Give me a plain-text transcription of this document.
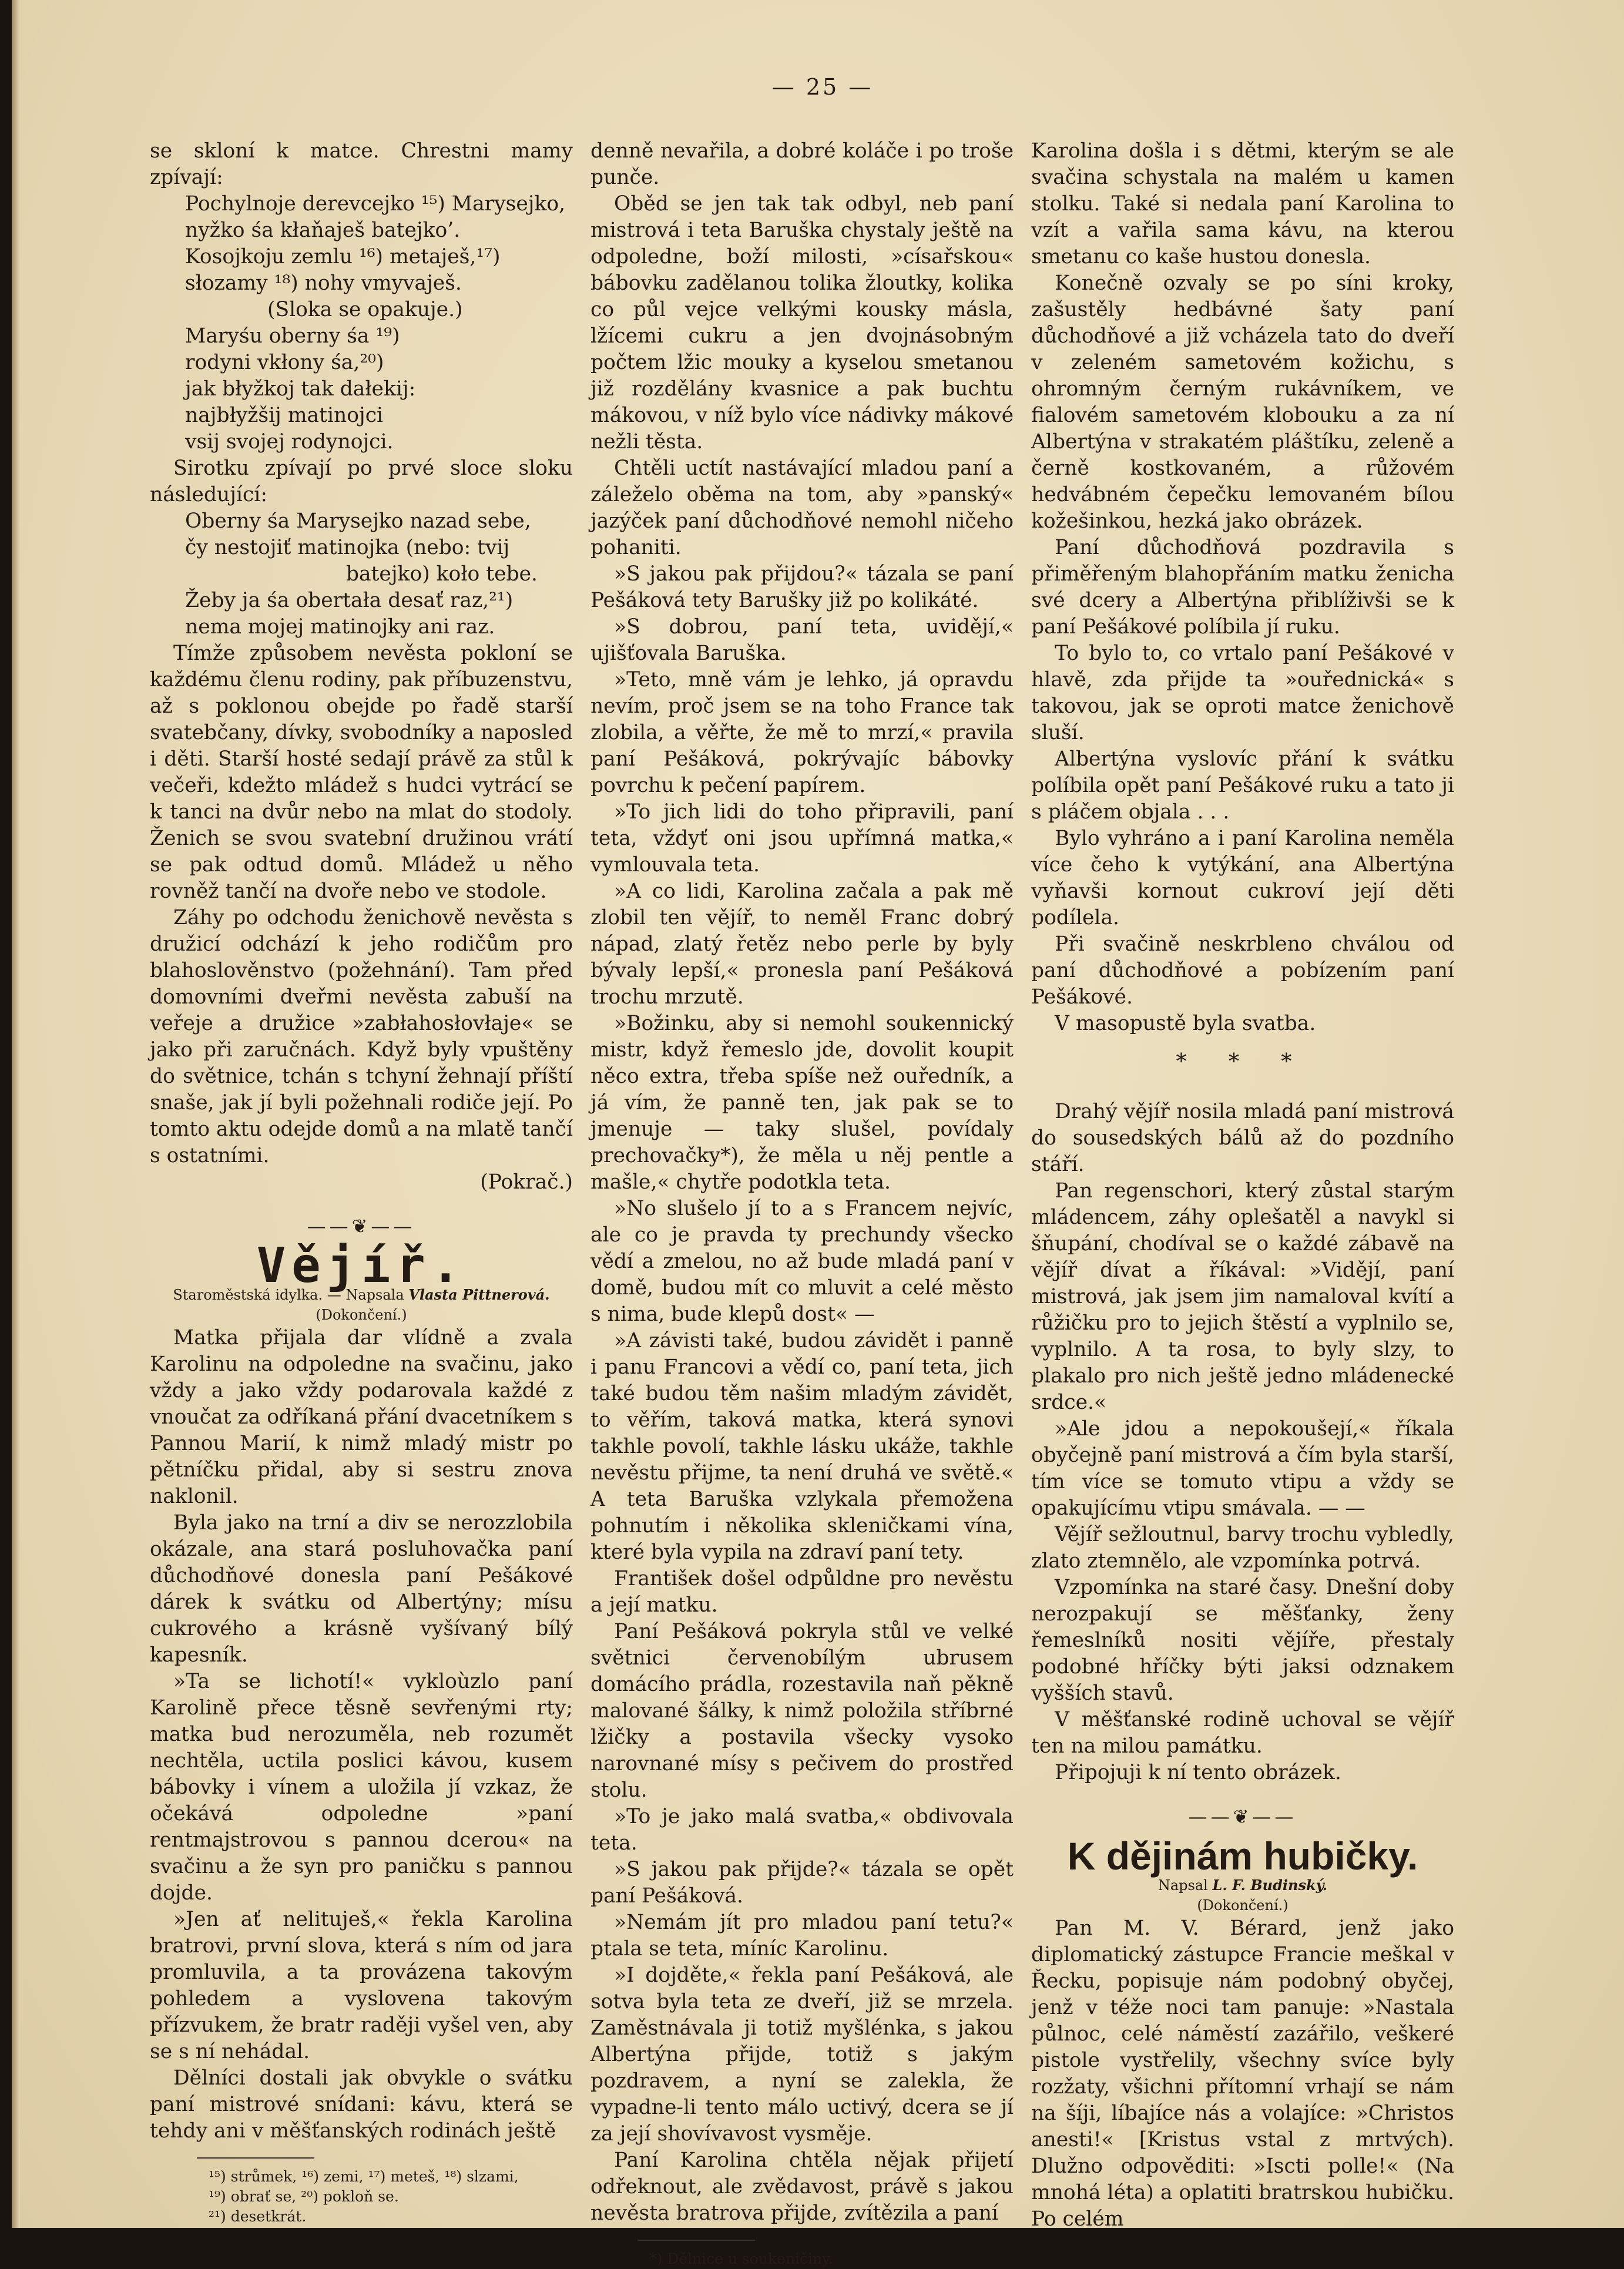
— 25 —

se skloní k matce. Chrestni mamy zpívají:

Pochylnoje derevcejko ¹⁵) Marysejko,

nyžko śa kłaňaješ batejko’.

Kosojkoju zemlu ¹⁶) metaješ,¹⁷)

słozamy ¹⁸) nohy vmyvaješ.

(Sloka se opakuje.)

Maryśu oberny śa ¹⁹)

rodyni vkłony śa,²⁰)

jak błyžkoj tak dałekij:

najbłyžšij matinojci

vsij svojej rodynojci.

Sirotku zpívají po prvé sloce sloku následující:

Oberny śa Marysejko nazad sebe,

čy nestojiť matinojka (nebo: tvij

batejko) koło tebe.

Žeby ja śa obertała desať raz,²¹)

nema mojej matinojky ani raz.

Tímže způsobem nevěsta pokloní se každému členu rodiny, pak příbuzenstvu, až s poklonou obejde po řadě starší svatebčany, dívky, svobodníky a naposled i děti. Starší hosté sedají právě za stůl k večeři, kdežto mládež s hudci vytrácí se k tanci na dvůr nebo na mlat do stodoly. Ženich se svou svatební družinou vrátí se pak odtud domů. Mládež u něho rovněž tančí na dvoře nebo ve stodole.

Záhy po odchodu ženichově nevěsta s družicí odchází k jeho rodičům pro blahoslověnstvo (požehnání). Tam před domovními dveřmi nevěsta zabuší na veřeje a družice »zabłahosłovłaje« se jako při zaručnách. Když byly vpuštěny do světnice, tchán s tchyní žehnají příští snaše, jak jí byli požehnali rodiče její. Po tomto aktu odejde domů a na mlatě tančí s ostatními.

(Pokrač.)

——❦——
Vějíř.

Staroměstská idylka. — Napsala Vlasta Pittnerová.

(Dokončení.)

Matka přijala dar vlídně a zvala Karolinu na odpoledne na svačinu, jako vždy a jako vždy podarovala každé z vnoučat za odříkaná přání dvacetníkem s Pannou Marií, k nimž mladý mistr po pětníčku přidal, aby si sestru znova naklonil.

Byla jako na trní a div se nerozzlobila okázale, ana stará posluhovačka paní důchodňové donesla paní Pešákové dárek k svátku od Albertýny; mísu cukrového a krásně vyšívaný bílý kapesník.

»Ta se lichotí!« vykloùzlo paní Karolině přece těsně sevřenými rty; matka bud nerozuměla, neb rozumět nechtěla, uctila poslici kávou, kusem bábovky i vínem a uložila jí vzkaz, že očekává odpoledne »paní rentmajstrovou s pannou dcerou« na svačinu a že syn pro paničku s pannou dojde.

»Jen ať nelituješ,« řekla Karolina bratrovi, první slova, která s ním od jara promluvila, a ta provázena takovým pohledem a vyslovena takovým přízvukem, že bratr raději vyšel ven, aby se s ní nehádal.

Dělníci dostali jak obvykle o svátku paní mistrové snídani: kávu, která se tehdy ani v měšťanských rodinách ještě

¹⁵) strůmek, ¹⁶) zemi, ¹⁷) meteš, ¹⁸) slzami,

¹⁹) obrať se, ²⁰) pokloň se.

²¹) desetkrát.

denně nevařila, a dobré koláče i po troše punče.

Oběd se jen tak tak odbyl, neb paní mistrová i teta Baruška chystaly ještě na odpoledne, boží milosti, »císařskou« bábovku zadělanou tolika žloutky, kolika co půl vejce velkými kousky másla, lžícemi cukru a jen dvojnásobným počtem lžic mouky a kyselou smetanou již rozdělány kvasnice a pak buchtu mákovou, v níž bylo více nádivky mákové nežli těsta.

Chtěli uctít nastávající mladou paní a záleželo oběma na tom, aby »panský« jazýček paní důchodňové nemohl ničeho pohaniti.

»S jakou pak přijdou?« tázala se paní Pešáková tety Barušky již po kolikáté.

»S dobrou, paní teta, uvidějí,« ujišťovala Baruška.

»Teto, mně vám je lehko, já opravdu nevím, proč jsem se na toho France tak zlobila, a věřte, že mě to mrzí,« pravila paní Pešáková, pokrývajíc bábovky povrchu k pečení papírem.

»To jich lidi do toho připravili, paní teta, vždyť oni jsou upřímná matka,« vymlouvala teta.

»A co lidi, Karolina začala a pak mě zlobil ten vějíř, to neměl Franc dobrý nápad, zlatý řetěz nebo perle by byly bývaly lepší,« pronesla paní Pešáková trochu mrzutě.

»Božinku, aby si nemohl soukennický mistr, když řemeslo jde, dovolit koupit něco extra, třeba spíše než ouředník, a já vím, že panně ten, jak pak se to jmenuje — taky slušel, povídaly prechovačky*), že měla u něj pentle a mašle,« chytře podotkla teta.

»No slušelo jí to a s Francem nejvíc, ale co je pravda ty prechundy všecko vědí a zmelou, no až bude mladá paní v domě, budou mít co mluvit a celé město s nima, bude klepů dost« —

»A závisti také, budou závidět i panně i panu Francovi a vědí co, paní teta, jich také budou těm našim mladým závidět, to věřím, taková matka, která synovi takhle povolí, takhle lásku ukáže, takhle nevěstu přijme, ta není druhá ve světě.« A teta Baruška vzlykala přemožena pohnutím i několika skleničkami vína, které byla vypila na zdraví paní tety.

František došel odpůldne pro nevěstu a její matku.

Paní Pešáková pokryla stůl ve velké světnici červenobílým ubrusem domácího prádla, rozestavila naň pěkně malované šálky, k nimž položila stříbrné lžičky a postavila všecky vysoko narovnané mísy s pečivem do prostřed stolu.

»To je jako malá svatba,« obdivovala teta.

»S jakou pak přijde?« tázala se opět paní Pešáková.

»Nemám jít pro mladou paní tetu?« ptala se teta, míníc Karolinu.

»I dojděte,« řekla paní Pešáková, ale sotva byla teta ze dveří, již se mrzela. Zaměstnávala ji totiž myšlénka, s jakou Albertýna přijde, totiž s jakým pozdravem, a nyní se zalekla, že vypadne-li tento málo uctivý, dcera se jí za její shovívavost vysměje.

Paní Karolina chtěla nějak přijetí odřeknout, ale zvědavost, právě s jakou nevěsta bratrova přijde, zvítězila a paní

*) Dělnice u soukeničiny.

Karolina došla i s dětmi, kterým se ale svačina schystala na malém u kamen stolku. Také si nedala paní Karolina to vzít a vařila sama kávu, na kterou smetanu co kaše hustou donesla.

Konečně ozvaly se po síni kroky, zašustěly hedbávné šaty paní důchodňové a již vcházela tato do dveří v zeleném sametovém kožichu, s ohromným černým rukávníkem, ve fialovém sametovém klobouku a za ní Albertýna v strakatém pláštíku, zeleně a černě kostkovaném, a růžovém hedvábném čepečku lemovaném bílou kožešinkou, hezká jako obrázek.

Paní důchodňová pozdravila s přiměřeným blahopřáním matku ženicha své dcery a Albertýna přiblíživši se k paní Pešákové políbila jí ruku.

To bylo to, co vrtalo paní Pešákové v hlavě, zda přijde ta »ouřednická« s takovou, jak se oproti matce ženichově sluší.

Albertýna vyslovíc přání k svátku políbila opět paní Pešákové ruku a tato ji s pláčem objala . . .

Bylo vyhráno a i paní Karolina neměla více čeho k vytýkání, ana Albertýna vyňavši kornout cukroví její děti podílela.

Při svačině neskrbleno chválou od paní důchodňové a pobízením paní Pešákové.

V masopustě byla svatba.

* * *

Drahý vějíř nosila mladá paní mistrová do sousedských bálů až do pozdního stáří.

Pan regenschori, který zůstal starým mládencem, záhy oplešatěl a navykl si šňupání, chodíval se o každé zábavě na vějíř dívat a říkával: »Vidějí, paní mistrová, jak jsem jim namaloval kvítí a růžičku pro to jejich štěstí a vyplnilo se, vyplnilo. A ta rosa, to byly slzy, to plakalo pro nich ještě jedno mládenecké srdce.«

»Ale jdou a nepokoušejí,« říkala obyčejně paní mistrová a čím byla starší, tím více se tomuto vtipu a vždy se opakujícímu vtipu smávala. — —

Vějíř sežloutnul, barvy trochu vybledly, zlato ztemnělo, ale vzpomínka potrvá.

Vzpomínka na staré časy. Dnešní doby nerozpakují se měšťanky, ženy řemeslníků nositi vějíře, přestaly podobné hříčky býti jaksi odznakem vyšších stavů.

V měšťanské rodině uchoval se vějíř ten na milou památku.

Připojuji k ní tento obrázek.

——❦——
K dějinám hubičky.

Napsal L. F. Budinský.

(Dokončení.)

Pan M. V. Bérard, jenž jako diplomatický zástupce Francie meškal v Řecku, popisuje nám podobný obyčej, jenž v téže noci tam panuje: »Nastala půlnoc, celé náměstí zazářilo, veškeré pistole vystřelily, všechny svíce byly rozžaty, všichni přítomní vrhají se nám na šíji, líbajíce nás a volajíce: »Christos anesti!« [Kristus vstal z mrtvých). Dlužno odpověditi: »Iscti polle!« (Na mnohá léta) a oplatiti bratrskou hubičku. Po celém
